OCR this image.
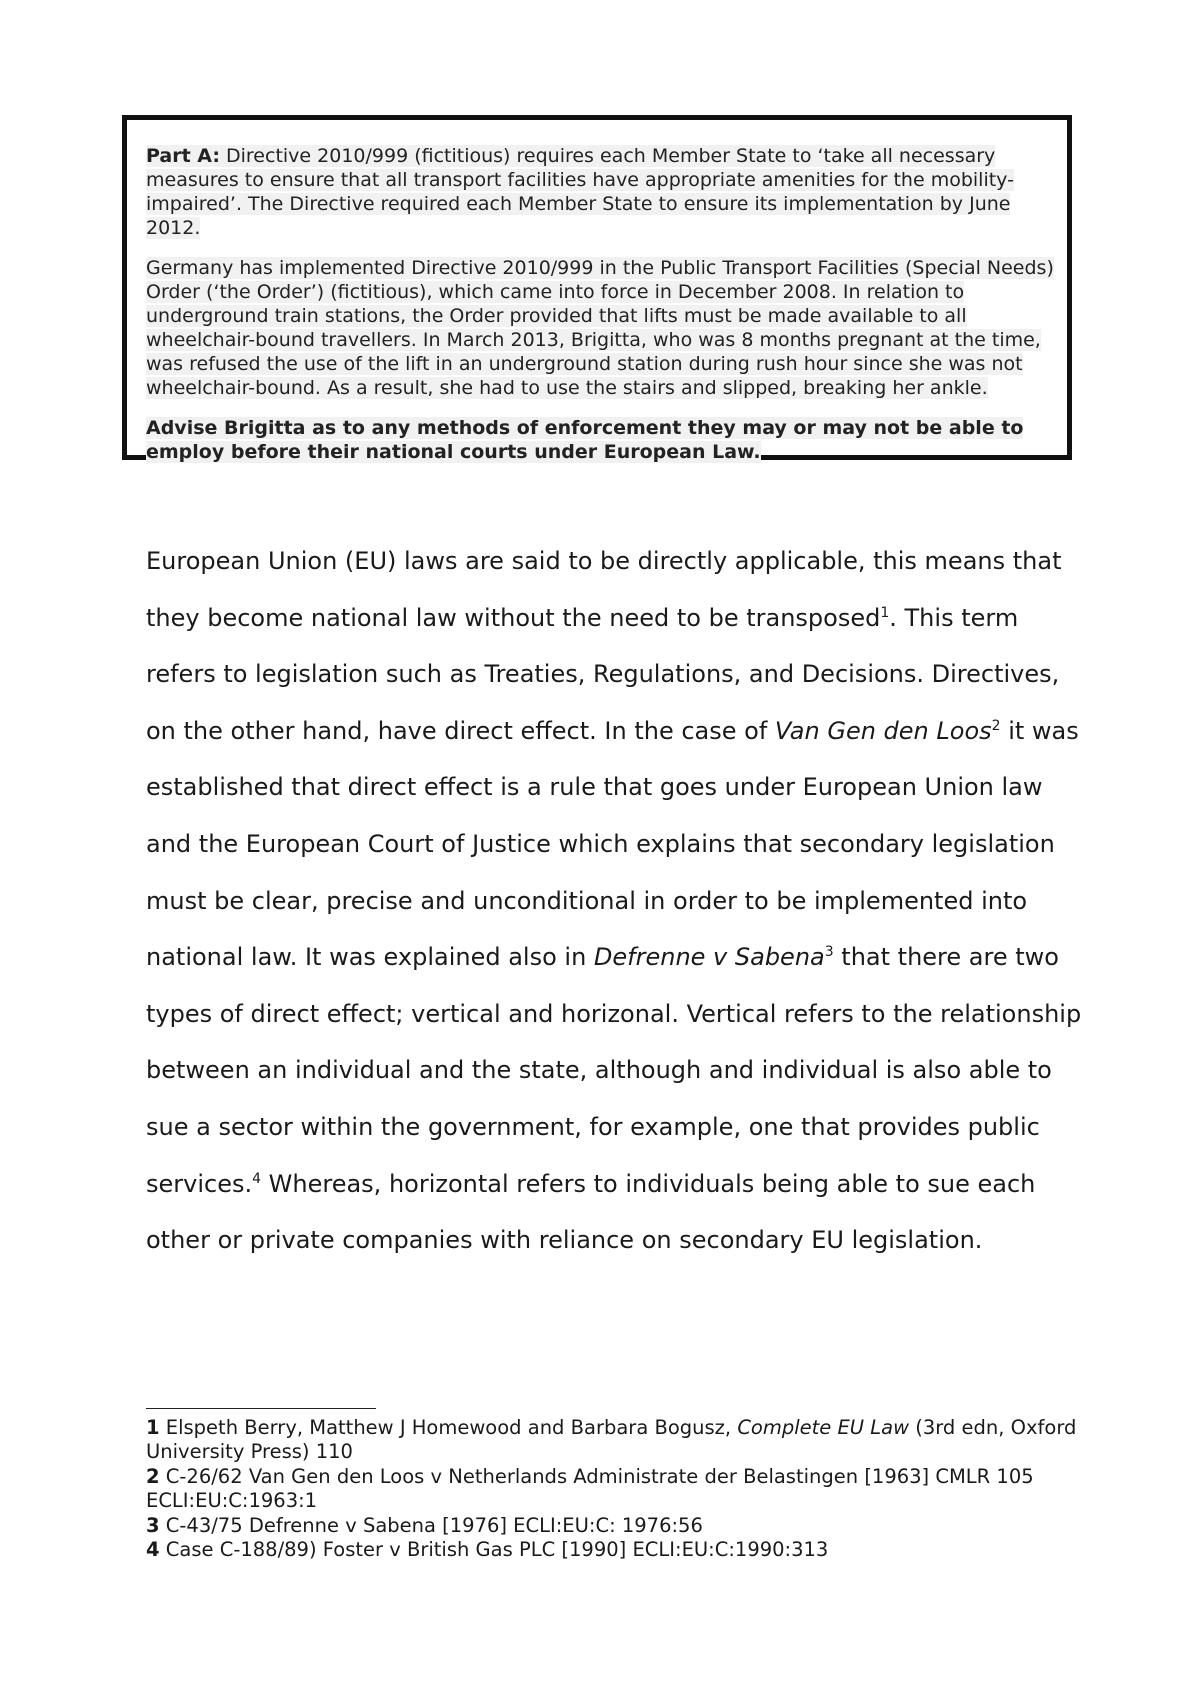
Part A: Directive 2010/999 (fictitious) requires each Member State to ‘take all necessary measures to ensure that all transport facilities have appropriate amenities for the mobility-impaired’. The Directive required each Member State to ensure its implementation by June 2012.

Germany has implemented Directive 2010/999 in the Public Transport Facilities (Special Needs) Order (‘the Order’) (fictitious), which came into force in December 2008. In relation to underground train stations, the Order provided that lifts must be made available to all wheelchair-bound travellers. In March 2013, Brigitta, who was 8 months pregnant at the time, was refused the use of the lift in an underground station during rush hour since she was not wheelchair-bound. As a result, she had to use the stairs and slipped, breaking her ankle.

Advise Brigitta as to any methods of enforcement they may or may not be able to employ before their national courts under European Law.

European Union (EU) laws are said to be directly applicable, this means that they become national law without the need to be transposed$^1$. This term refers to legislation such as Treaties, Regulations, and Decisions. Directives, on the other hand, have direct effect. In the case of Van Gen den Loos$^2$ it was established that direct effect is a rule that goes under European Union law and the European Court of Justice which explains that secondary legislation must be clear, precise and unconditional in order to be implemented into national law. It was explained also in Defrenne v Sabena$^3$ that there are two types of direct effect; vertical and horizonal. Vertical refers to the relationship between an individual and the state, although and individual is also able to sue a sector within the government, for example, one that provides public services.$^4$ Whereas, horizontal refers to individuals being able to sue each other or private companies with reliance on secondary EU legislation.

1 Elspeth Berry, Matthew J Homewood and Barbara Bogusz, Complete EU Law (3rd edn, Oxford University Press) 110

2 C-26/62 Van Gen den Loos v Netherlands Administrate der Belastingen [1963] CMLR 105 ECLI:EU:C:1963:1

3 C-43/75 Defrenne v Sabena [1976] ECLI:EU:C: 1976:56

4 Case C-188/89) Foster v British Gas PLC [1990] ECLI:EU:C:1990:313
